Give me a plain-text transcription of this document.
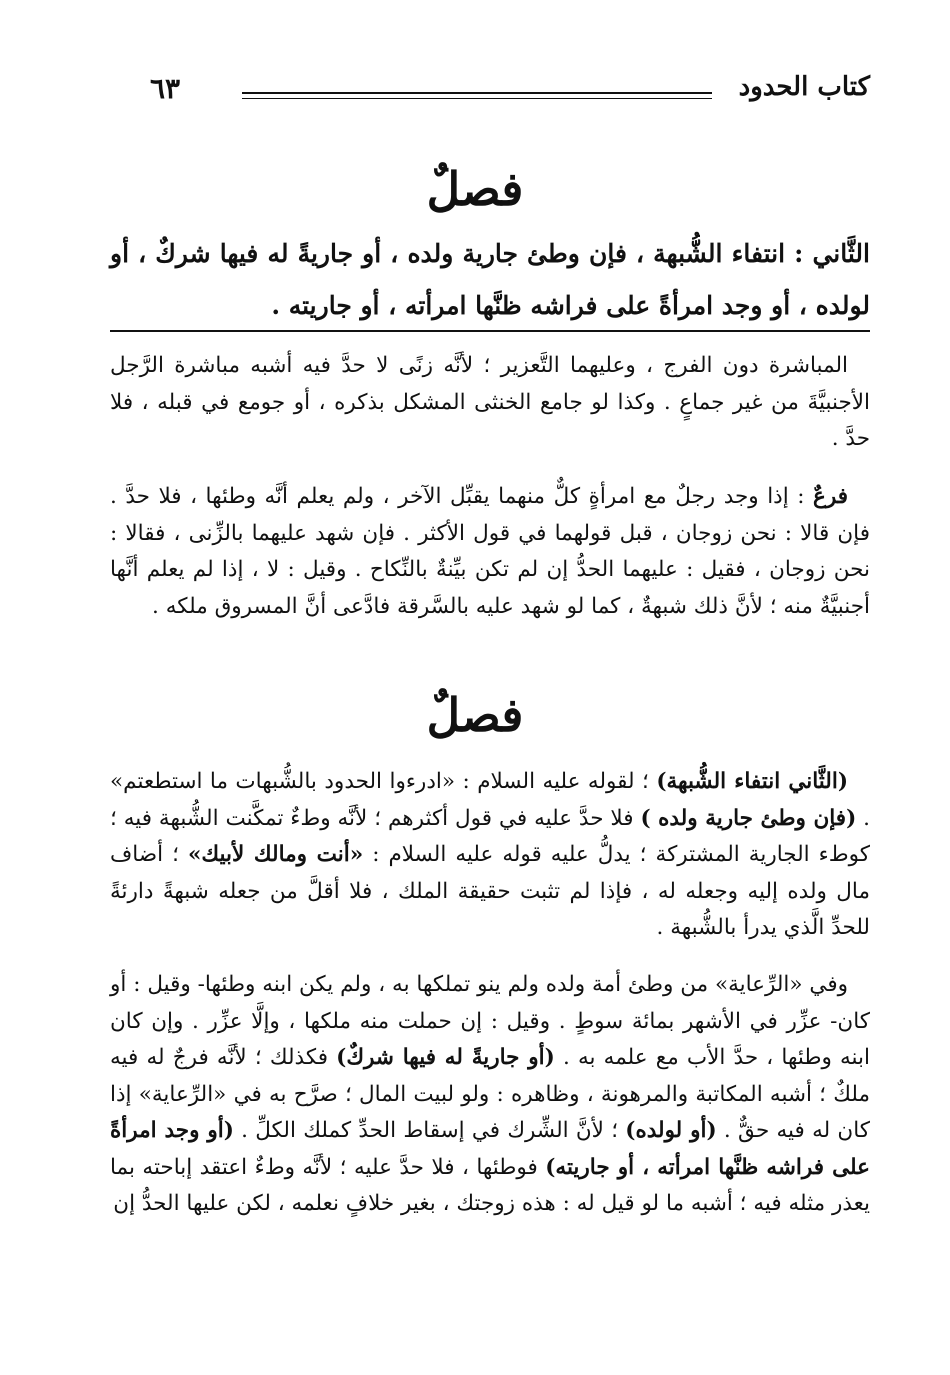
كتاب الحدود
٦٣
فصلٌ

الثَّاني : انتفاء الشُّبهة ، فإن وطئ جارية ولده ، أو جاريةً له فيها شركٌ ، أو لولده ، أو وجد امرأةً على فراشه ظنَّها امرأته ، أو جاريته .

المباشرة دون الفرج ، وعليهما التَّعزير ؛ لأنَّه زنًى لا حدَّ فيه أشبه مباشرة الرَّجل الأجنبيَّةَ من غير جماعٍ . وكذا لو جامع الخنثى المشكل بذكره ، أو جومع في قبله ، فلا حدَّ .

فرعٌ : إذا وجد رجلٌ مع امرأةٍ كلٌّ منهما يقبِّل الآخر ، ولم يعلم أنَّه وطئها ، فلا حدَّ . فإن قالا : نحن زوجان ، قبل قولهما في قول الأكثر . فإن شهد عليهما بالزِّنى ، فقالا : نحن زوجان ، فقيل : عليهما الحدُّ إن لم تكن بيِّنةٌ بالنِّكاح . وقيل : لا ، إذا لم يعلم أنَّها أجنبيَّةٌ منه ؛ لأنَّ ذلك شبهةٌ ، كما لو شهد عليه بالسَّرقة فادَّعى أنَّ المسروق ملكه .

فصلٌ

(الثَّاني انتفاء الشُّبهة) ؛ لقوله عليه السلام : «ادرءوا الحدود بالشُّبهات ما استطعتم» . (فإن وطئ جارية ولده ) فلا حدَّ عليه في قول أكثرهم ؛ لأنَّه وطءٌ تمكَّنت الشُّبهة فيه ؛ كوطء الجارية المشتركة ؛ يدلُّ عليه قوله عليه السلام : «أنت ومالك لأبيك» ؛ أضاف مال ولده إليه وجعله له ، فإذا لم تثبت حقيقة الملك ، فلا أقلَّ من جعله شبهةً دارئةً للحدِّ الَّذي يدرأ بالشُّبهة .

وفي «الرِّعاية» من وطئ أمة ولده ولم ينو تملكها به ، ولم يكن ابنه وطئها- وقيل : أو كان- عزِّر في الأشهر بمائة سوطٍ . وقيل : إن حملت منه ملكها ، وإلَّا عزِّر . وإن كان ابنه وطئها ، حدَّ الأب مع علمه به . (أو جاريةً له فيها شركٌ) فكذلك ؛ لأنَّه فرجٌ له فيه ملكٌ ؛ أشبه المكاتبة والمرهونة ، وظاهره : ولو لبيت المال ؛ صرَّح به في «الرِّعاية» إذا كان له فيه حقٌّ . (أو لولده) ؛ لأنَّ الشِّرك في إسقاط الحدِّ كملك الكلِّ . (أو وجد امرأةً على فراشه ظنَّها امرأته ، أو جاريته) فوطئها ، فلا حدَّ عليه ؛ لأنَّه وطءٌ اعتقد إباحته بما يعذر مثله فيه ؛ أشبه ما لو قيل له : هذه زوجتك ، بغير خلافٍ نعلمه ، لكن عليها الحدُّ إن
